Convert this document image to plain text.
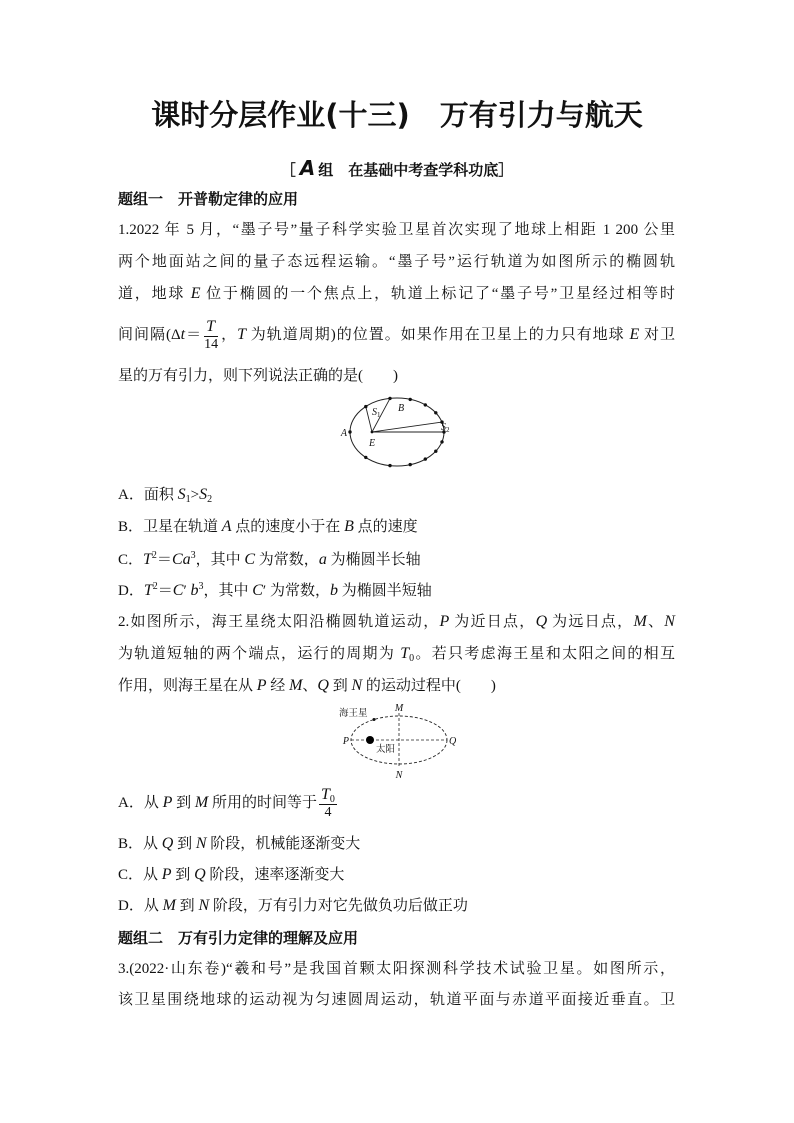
课时分层作业(十三) 万有引力与航天
［ A 组　在基础中考查学科功底］
题组一　开普勒定律的应用
1.2022 年 5 月，“墨子号”量子科学实验卫星首次实现了地球上相距 1 200 公里
两个地面站之间的量子态远程运输。“墨子号”运行轨道为如图所示的椭圆轨
道，地球 E 位于椭圆的一个焦点上，轨道上标记了“墨子号”卫星经过相等时
间间隔($\Delta t= \frac{T}{14}$ ，T 为轨道周期)的位置。如果作用在卫星上的力只有地球 E 对卫
星的万有引力，则下列说法正确的是(　　)
A
E
$S_1$
B
$S_2$
A．面积 $S_1>S_2$
B．卫星在轨道 A 点的速度小于在 B 点的速度
C．$T^2=Ca^3$，其中 C 为常数，a 为椭圆半长轴
D．$T^2=C'$ $b^3$，其中 C′ 为常数，b 为椭圆半短轴
2.如图所示，海王星绕太阳沿椭圆轨道运动，P 为近日点，Q 为远日点，M、N
为轨道短轴的两个端点，运行的周期为 $T_0$。若只考虑海王星和太阳之间的相互
作用，则海王星在从 P 经 M、Q 到 N 的运动过程中(　　)
海王星
太阳
M
N
P	Q
A．从 P 到 M 所用的时间等于 $\frac{T_0}{4}$
B．从 Q 到 N 阶段，机械能逐渐变大
C．从 P 到 Q 阶段，速率逐渐变大
D．从 M 到 N 阶段，万有引力对它先做负功后做正功
题组二　万有引力定律的理解及应用
3.(2022·山东卷)“羲和号”是我国首颗太阳探测科学技术试验卫星。如图所示，
该卫星围绕地球的运动视为匀速圆周运动，轨道平面与赤道平面接近垂直。卫
